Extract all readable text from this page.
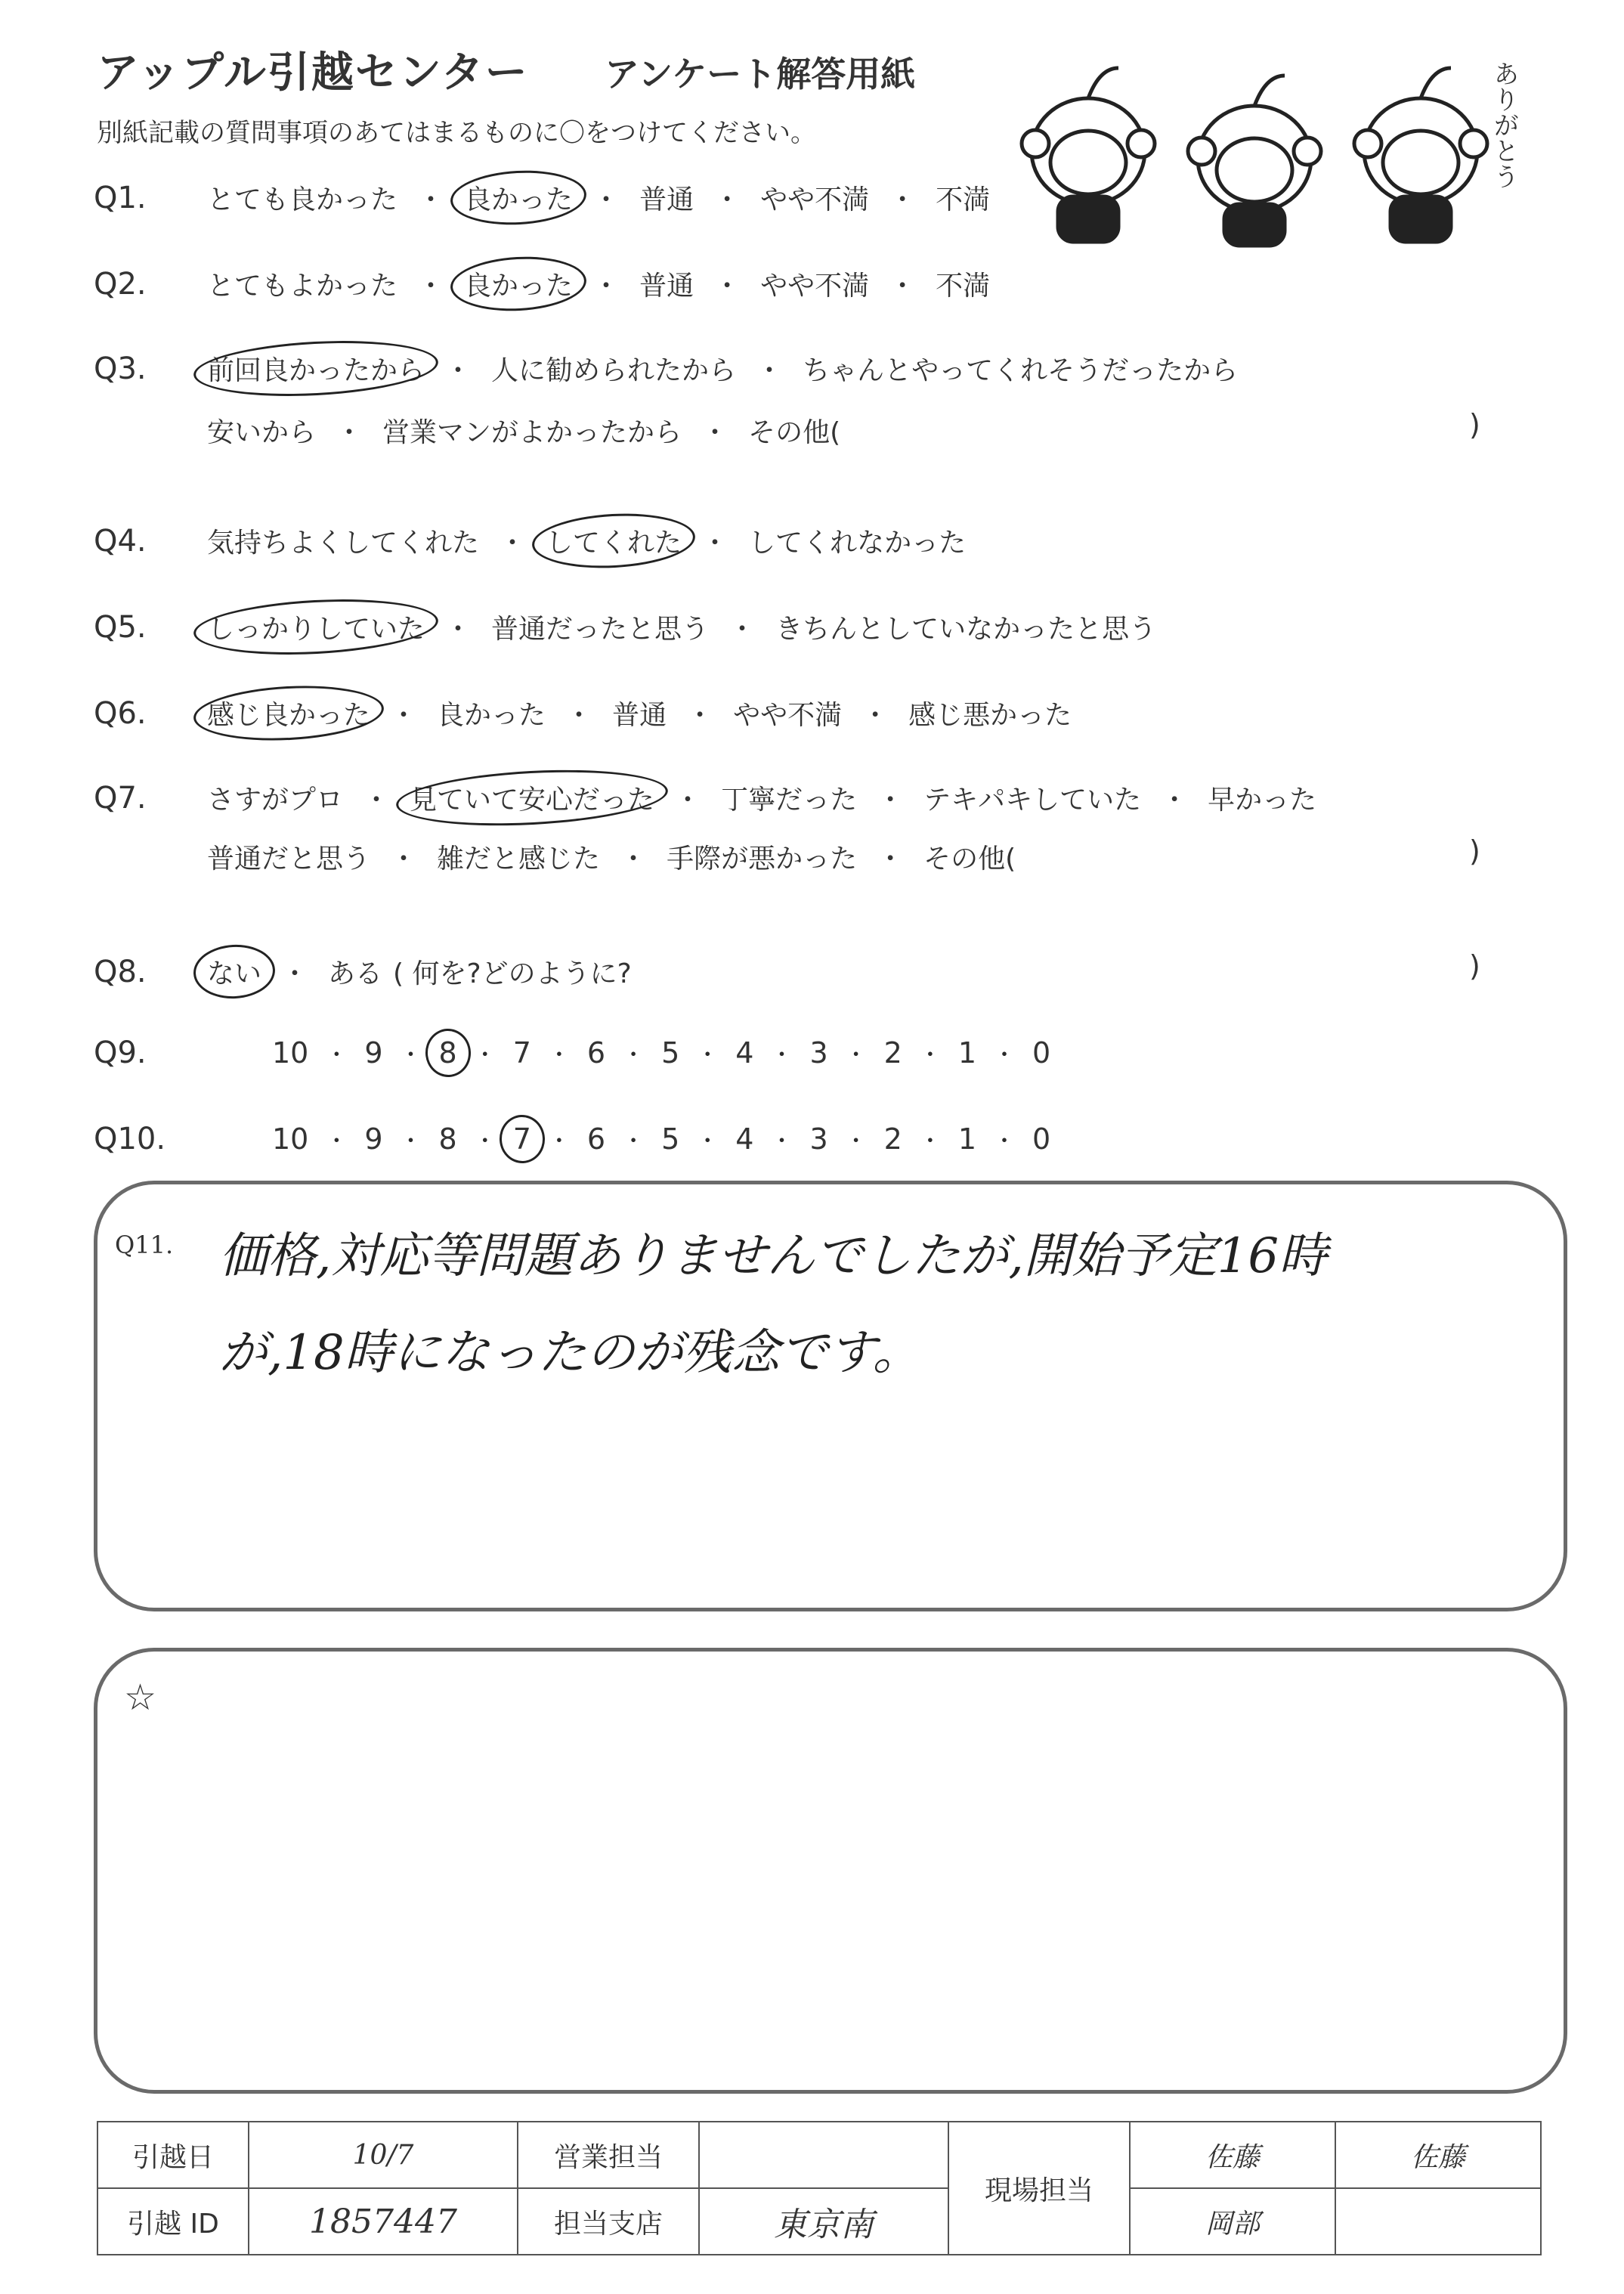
アップル引越センター アンケート解答用紙
別紙記載の質問事項のあてはまるものに〇をつけてください。	ありがとう
Q1.	とても良かった ・ 良かった ・ 普通 ・ やや不満 ・ 不満
Q2.	とてもよかった ・ 良かった ・ 普通 ・ やや不満 ・ 不満
Q3.	前回良かったから ・ 人に勧められたから ・ ちゃんとやってくれそうだったから
安いから ・ 営業マンがよかったから ・ その他(	)
Q4.	気持ちよくしてくれた ・ してくれた ・ してくれなかった
Q5.	しっかりしていた ・ 普通だったと思う ・ きちんとしていなかったと思う
Q6.	感じ良かった ・ 良かった ・ 普通 ・ やや不満 ・ 感じ悪かった
Q7.	さすがプロ ・ 見ていて安心だった ・ 丁寧だった ・ テキパキしていた ・ 早かった
普通だと思う ・ 雑だと感じた ・ 手際が悪かった ・ その他(	)
Q8.	ない ・ ある ( 何を?どのように?	)
Q9.	10 ・ 9 ・ 8 ・ 7 ・ 6 ・ 5 ・ 4 ・ 3 ・ 2 ・ 1 ・ 0
Q10.	10 ・ 9 ・ 8 ・ 7 ・ 6 ・ 5 ・ 4 ・ 3 ・ 2 ・ 1 ・ 0
Q11. 価格,対応等問題ありませんでしたが,開始予定16時
が,18時になったのが残念です。
☆
引越日	10/7	営業担当		現場担当	佐藤	佐藤
引越 ID	1857447	担当支店	東京南		岡部	
